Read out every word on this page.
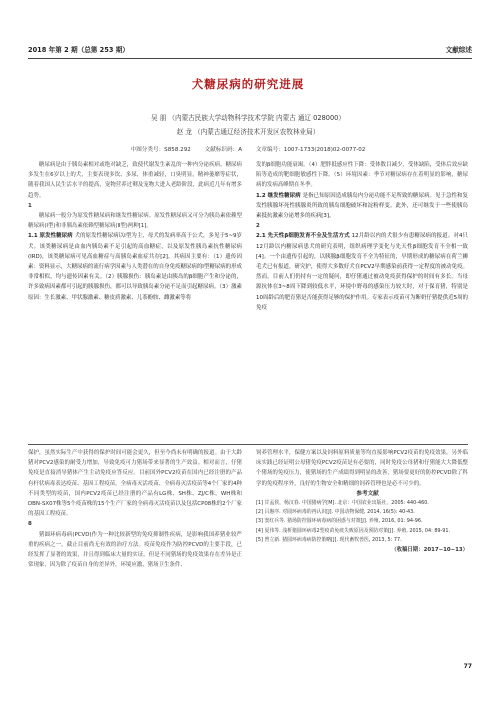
2018 年第 2 期（总第 253 期）	文献综述
犬糖尿病的研究进展
吴 朋 （内蒙古民族大学动物科学技术学院 内蒙古 通辽 028000）
赵 龙 （内蒙古通辽经济技术开发区农牧林业局）
中图分类号：S858.292 文献标识码：A 文章编号：1007-1733(2018)02-0077-02

糖尿病是由于胰岛素相对或绝对缺乏，致使代谢发生紊乱的一种内分泌疾病。糖尿病多发生在6岁以上的犬，主要表现多饮、多尿，体重减轻，口臭明显，精神萎靡等症状，随着我国人民生活水平的提高，宠物营养过剩及宠物大进入老龄阶段，此病近几年有增多趋势。

1

糖尿病一般分为原发性糖尿病和继发性糖尿病。原发性糖尿病又可分为胰岛素依赖型糖尿病(Ⅰ型)和非胰岛素依赖型糖尿病(Ⅱ型)两种[1]。

1.1 原发性糖尿病 犬的原发性糖尿病以Ⅰ型为主，母犬的发病率高于公犬，多见于5~9岁犬。该类糖尿病是由血内胰岛素不足引起的高血糖症，以及原发性胰岛素抗性糖尿病(IRD)，该类糖尿病可见高血糖症与高胰岛素血症共存[2]。其病因主要有：（1）遗传因素：资料显示，大糖尿病的流行病学因素与人类潜在的自身免疫糖尿病的Ⅰ型糖尿病的形成非常相似，均与遗传因素有关。（2）胰腺损伤：胰岛素是由胰岛的β细胞产生和分泌的，许多致病因素都可引起的胰腺损伤，都可以导致胰岛素分泌不足而引起糖尿病。（3）激素原因：生长激素、甲状腺激素、糖皮质激素、儿茶酚胺、雌激素等将

发的β细胞功能衰竭。（4）肥胖抵感应性下降：受体数目减少，受体缺陷，受体后效应缺陷等造成的靶细胞敏感性下降。（5）环境因素：季节对糖尿病存在着明显的影响，糖尿病的发病高峰期在冬季。

1.2 继发性糖尿病 是指已知原因造成胰岛内分泌功能不足所致的糖尿病。见于急性和复发性胰腺坏死性胰腺炎所致的胰岛细胞破坏和淀粉样变。此外，还可继发于一些使胰岛素抵抗激素分泌增多的疾病[3]。

2

2.1 先天性β细胞发育不全及生活方式 12月龄以内的犬很少有患糖尿病的报道。对4只12月龄以内糖尿病患犬的研究表明，组织病理学变化与先天性β细胞发育不全相一致[4]。一个由遗传引起的，以胰腺β细胞发育不全为特征的，早期形成的糖尿病在荷兰狮毛犬已有报道，研究护，使得大多数好犬在PCV2早期感染前获得一定程度的被动免疫。然而，目前人们仍持有一定的疑问，即仔猪通过被动免疫获得保护的时间有多长。当母源抗体在3~8周下降到较低水平，环境中野毒的感染压力较大时，对于保育猪，特别是10周龄后的肥育猪是否能获得足够的保护作用。专家表示疫苗可为断奶仔猪提供近5周的免疫

保护，虽然实际生产中获得的保护时间可能会更久，但至今尚未有明确的报道。由于大龄猪对PCV2感染的耐受力增加，导致免疫可力猪场带来显著的生产效益。相对而言，仔猪免疫是直接消导猪体产生主动免疫应答反应。目前国外PCV2疫苗在国内已经注册的产品有杆状病毒表达疫苗、基因工程疫苗。全病毒灭活疫苗、全病毒灭活疫苗等4个厂家的4种不同类型的疫苗，国内PCV2疫苗已经注册的产品有LG株、SH株、ZJ/C株，WH株和DBN-SX07株等5个疫苗株的15个生产厂家的全病毒灭活疫苗以及包括CP08株的2个厂家的基因工程疫苗。

8

猪圆环病毒病(PCVD)作为一种比较新型的免疫抑制性疾病，是影响我国养猪业较严重的疾病之一，截止目前尚无有效的治疗方法。疫苗免疫作为防控PCVD的主要手段，已经发挥了显著的效果，并且得到临床大量的实证。但是不同猪场的免疫效果存在差异是正常现象，因为除了疫苗自身的差异外，环境应激、猪场卫生条件、

饲养管理水平，保健方案以及饲料原料质量等均直接影响PCV2疫苗的免疫效果。另外临床实践已经证明公母猪免疫PCV2疫苗是有必要的，同时免疫公母猪和仔猪能大大降低整个猪场的免疫压力，使猪场的生产成绩得到明显的改善，猪场要更好的防控PCVD除了科学的免疫程序外，良好的生物安全和精细的饲养管理也是必不可少的。

参考文献

[1] 甘孟侯，杨汉春. 中国猪病学[M]. 北京：中国农业出版社，2005: 440-460.

[2] 吕惠序. 对圆环病毒的再认识[J]. 中国动物保健, 2014, 16(5): 40-43.

[3] 窦红兵等. 猪场防控圆环病毒病的困惑与对策[J]. 养殖, 2016, 01: 94-96.

[4] 夏伟等. 浅析猪圆环病毒2型疫苗免疫失败原因及预防对策[J]. 养殖, 2015, 04: 89-91.

[5] 曾立新. 猪圆环病毒病防控策略[J]. 现代畜牧兽医, 2013, 5: 77.

（收稿日期：2017−10−13）

77
